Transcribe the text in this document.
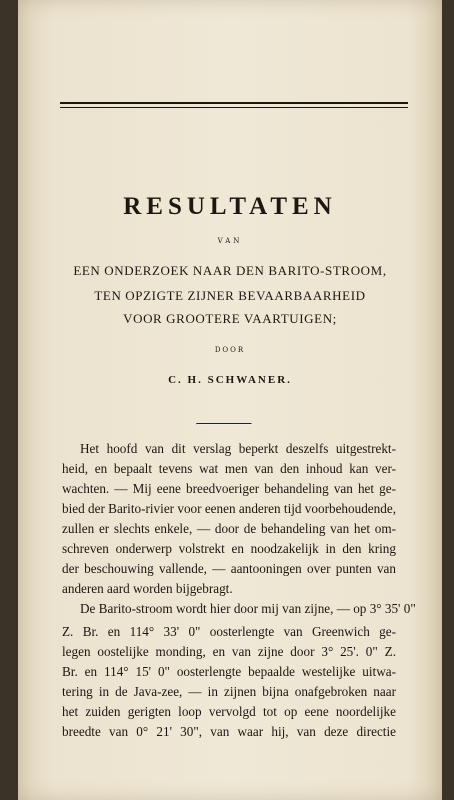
RESULTATEN
VAN
EEN ONDERZOEK NAAR DEN BARITO-STROOM,
TEN OPZIGTE ZIJNER BEVAARBAARHEID
VOOR GROOTERE VAARTUIGEN;
DOOR
C. H. SCHWANER.
Het hoofd van dit verslag beperkt deszelfs uitgestrekt-
heid, en bepaalt tevens wat men van den inhoud kan ver-
wachten. — Mij eene breedvoeriger behandeling van het ge-
bied der Barito-rivier voor eenen anderen tijd voorbehoudende,
zullen er slechts enkele, — door de behandeling van het om-
schreven onderwerp volstrekt en noodzakelijk in den kring
der beschouwing vallende, — aantooningen over punten van
anderen aard worden bijgebragt.
De Barito-stroom wordt hier door mij van zijne, — op 3° 35' 0"
Z. Br. en 114° 33' 0" oosterlengte van Greenwich ge-
legen oostelijke monding, en van zijne door 3° 25'. 0" Z.
Br. en 114° 15' 0" oosterlengte bepaalde westelijke uitwa-
tering in de Java-zee, — in zijnen bijna onafgebroken naar
het zuiden gerigten loop vervolgd tot op eene noordelijke
breedte van 0° 21' 30", van waar hij, van deze directie
